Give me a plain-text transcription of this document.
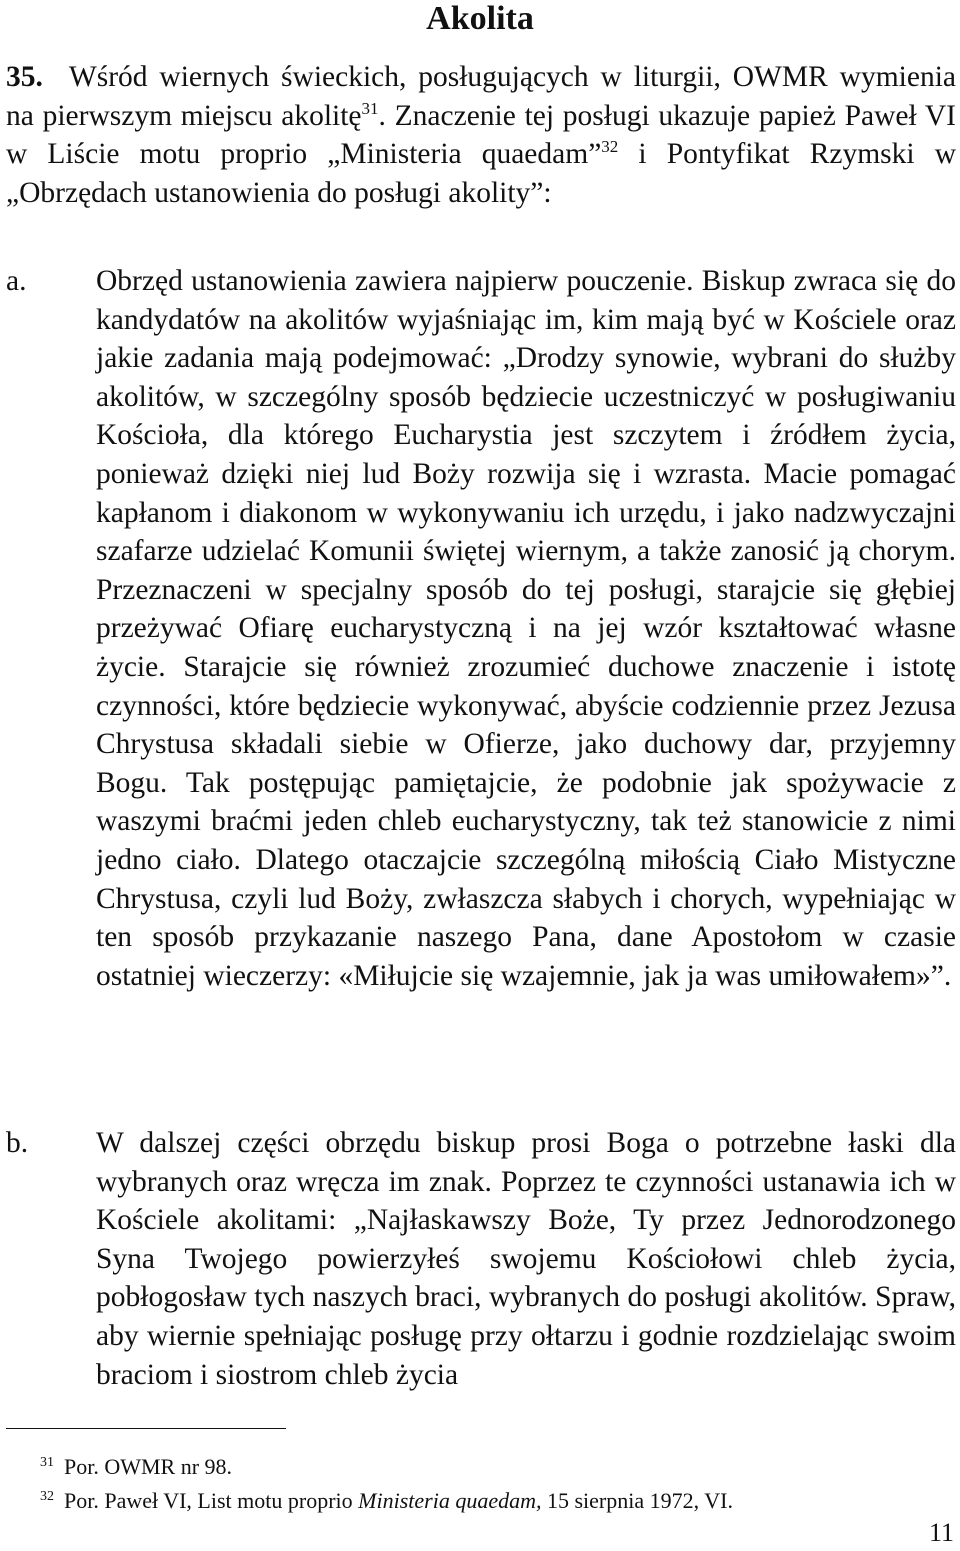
Akolita
35. Wśród wiernych świeckich, posługujących w liturgii, OWMR wymienia na pierwszym miejscu akolitę$^{31}$. Znaczenie tej posługi ukazuje papież Paweł VI w Liście motu proprio „Ministeria quaedam”$^{32}$ i Pontyfikat Rzymski w „Obrzędach ustanowienia do posługi akolity”:
a. Obrzęd ustanowienia zawiera najpierw pouczenie. Biskup zwraca się do kandydatów na akolitów wyjaśniając im, kim mają być w Kościele oraz jakie zadania mają podejmować: „Drodzy synowie, wybrani do służby akolitów, w szczególny sposób będziecie uczestniczyć w posługiwaniu Kościoła, dla którego Eucharystia jest szczytem i źródłem życia, ponieważ dzięki niej lud Boży rozwija się i wzrasta. Macie pomagać kapłanom i diakonom w wykonywaniu ich urzędu, i jako nadzwyczajni szafarze udzielać Komunii świętej wiernym, a także zanosić ją chorym. Przeznaczeni w specjalny sposób do tej posługi, starajcie się głębiej przeżywać Ofiarę eucharystyczną i na jej wzór kształtować własne życie. Starajcie się również zrozumieć duchowe znaczenie i istotę czynności, które będziecie wykonywać, abyście codziennie przez Jezusa Chrystusa składali siebie w Ofierze, jako duchowy dar, przyjemny Bogu. Tak postępując pamiętajcie, że podobnie jak spożywacie z waszymi braćmi jeden chleb eucharystyczny, tak też stanowicie z nimi jedno ciało. Dlatego otaczajcie szczególną miłością Ciało Mistyczne Chrystusa, czyli lud Boży, zwłaszcza słabych i chorych, wypełniając w ten sposób przykazanie naszego Pana, dane Apostołom w czasie ostatniej wieczerzy: «Miłujcie się wzajemnie, jak ja was umiłowałem»”.
b. W dalszej części obrzędu biskup prosi Boga o potrzebne łaski dla wybranych oraz wręcza im znak. Poprzez te czynności ustanawia ich w Kościele akolitami: „Najłaskawszy Boże, Ty przez Jednorodzonego Syna Twojego powierzyłeś swojemu Kościołowi chleb życia, pobłogosław tych naszych braci, wybranych do posługi akolitów. Spraw, aby wiernie spełniając posługę przy ołtarzu i godnie rozdzielając swoim braciom i siostrom chleb życia
$^{31}$ Por. OWMR nr 98.
$^{32}$ Por. Paweł VI, List motu proprio Ministeria quaedam, 15 sierpnia 1972, VI.
11
